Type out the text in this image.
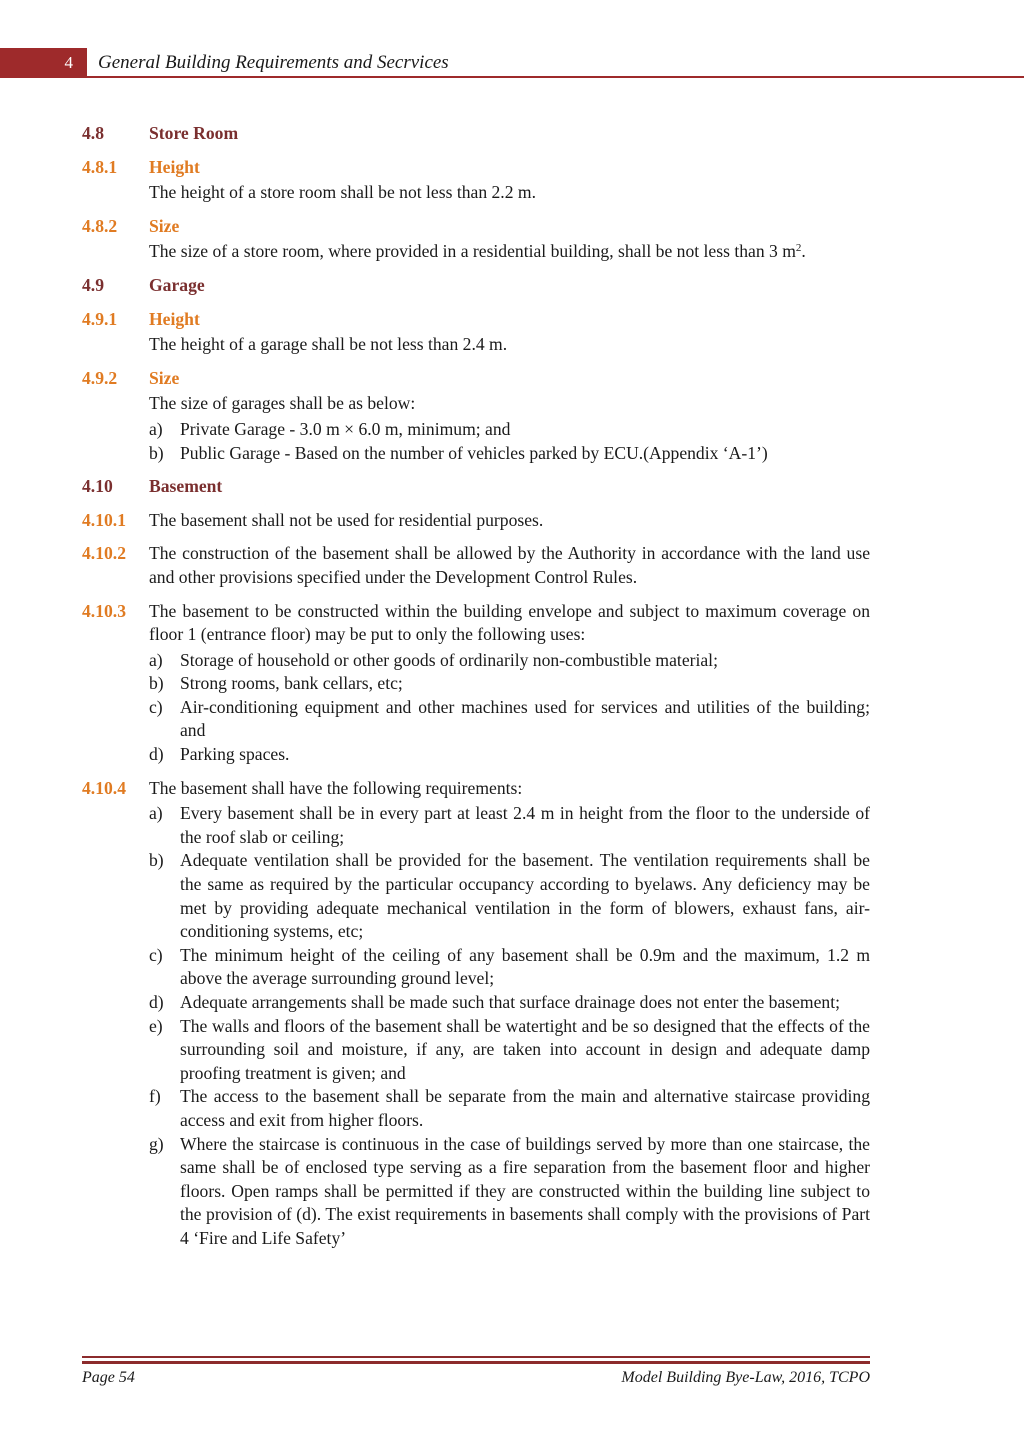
4 General Building Requirements and Secrvices
4.8	Store Room
4.8.1	Height
The height of a store room shall be not less than 2.2 m.
4.8.2	Size
The size of a store room, where provided in a residential building, shall be not less than 3 $m^2$.
4.9	Garage
4.9.1	Height
The height of a garage shall be not less than 2.4 m.
4.9.2	Size
The size of garages shall be as below:
a) Private Garage - 3.0 m × 6.0 m, minimum; and
b) Public Garage - Based on the number of vehicles parked by ECU.(Appendix ‘A-1’)
4.10	Basement
4.10.1	The basement shall not be used for residential purposes.
4.10.2	The construction of the basement shall be allowed by the Authority in accordance with the land use and other provisions specified under the Development Control Rules.
4.10.3	The basement to be constructed within the building envelope and subject to maximum coverage on floor 1 (entrance floor) may be put to only the following uses:
a) Storage of household or other goods of ordinarily non-combustible material;
b) Strong rooms, bank cellars, etc;
c) Air-conditioning equipment and other machines used for services and utilities of the building; and
d) Parking spaces.
4.10.4	The basement shall have the following requirements:
a) Every basement shall be in every part at least 2.4 m in height from the floor to the underside of the roof slab or ceiling;
b) Adequate ventilation shall be provided for the basement. The ventilation requirements shall be the same as required by the particular occupancy according to byelaws. Any deficiency may be met by providing adequate mechanical ventilation in the form of blowers, exhaust fans, air-conditioning systems, etc;
c) The minimum height of the ceiling of any basement shall be 0.9m and the maximum, 1.2 m above the average surrounding ground level;
d) Adequate arrangements shall be made such that surface drainage does not enter the basement;
e) The walls and floors of the basement shall be watertight and be so designed that the effects of the surrounding soil and moisture, if any, are taken into account in design and adequate damp proofing treatment is given; and
f)	The access to the basement shall be separate from the main and alternative staircase providing access and exit from higher floors.
g) Where the staircase is continuous in the case of buildings served by more than one staircase, the same shall be of enclosed type serving as a fire separation from the basement floor and higher floors. Open ramps shall be permitted if they are constructed within the building line subject to the provision of (d). The exist requirements in basements shall comply with the provisions of Part 4 ‘Fire and Life Safety’
Page 54	Model Building Bye-Law, 2016, TCPO
